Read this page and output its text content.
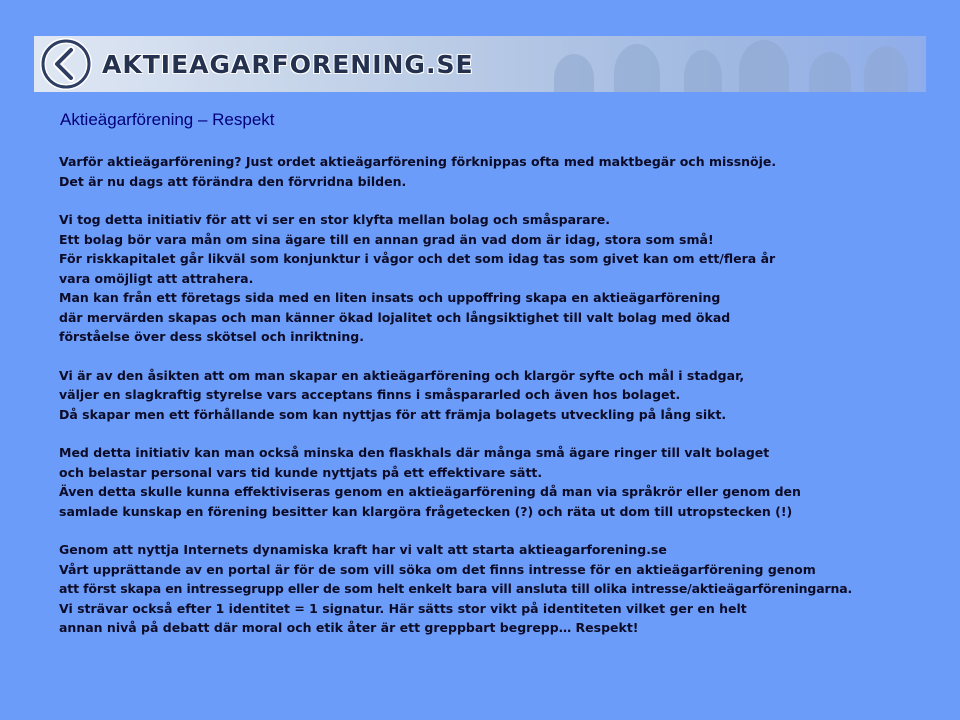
AKTIEAGARFORENING.SE
Aktieägarförening – Respekt

Varför aktieägarförening? Just ordet aktieägarförening förknippas ofta med maktbegär och missnöje.
Det är nu dags att förändra den förvridna bilden.

Vi tog detta initiativ för att vi ser en stor klyfta mellan bolag och småsparare.
Ett bolag bör vara mån om sina ägare till en annan grad än vad dom är idag, stora som små!
För riskkapitalet går likväl som konjunktur i vågor och det som idag tas som givet kan om ett/flera år
vara omöjligt att attrahera.
Man kan från ett företags sida med en liten insats och uppoffring skapa en aktieägarförening
där mervärden skapas och man känner ökad lojalitet och långsiktighet till valt bolag med ökad
förståelse över dess skötsel och inriktning.

Vi är av den åsikten att om man skapar en aktieägarförening och klargör syfte och mål i stadgar,
väljer en slagkraftig styrelse vars acceptans finns i småspararled och även hos bolaget.
Då skapar men ett förhållande som kan nyttjas för att främja bolagets utveckling på lång sikt.

Med detta initiativ kan man också minska den flaskhals där många små ägare ringer till valt bolaget
och belastar personal vars tid kunde nyttjats på ett effektivare sätt.
Även detta skulle kunna effektiviseras genom en aktieägarförening då man via språkrör eller genom den
samlade kunskap en förening besitter kan klargöra frågetecken (?) och räta ut dom till utropstecken (!)

Genom att nyttja Internets dynamiska kraft har vi valt att starta aktieagarforening.se
Vårt upprättande av en portal är för de som vill söka om det finns intresse för en aktieägarförening genom
att först skapa en intressegrupp eller de som helt enkelt bara vill ansluta till olika intresse/aktieägarföreningarna.
Vi strävar också efter 1 identitet = 1 signatur. Här sätts stor vikt på identiteten vilket ger en helt
annan nivå på debatt där moral och etik åter är ett greppbart begrepp… Respekt!
